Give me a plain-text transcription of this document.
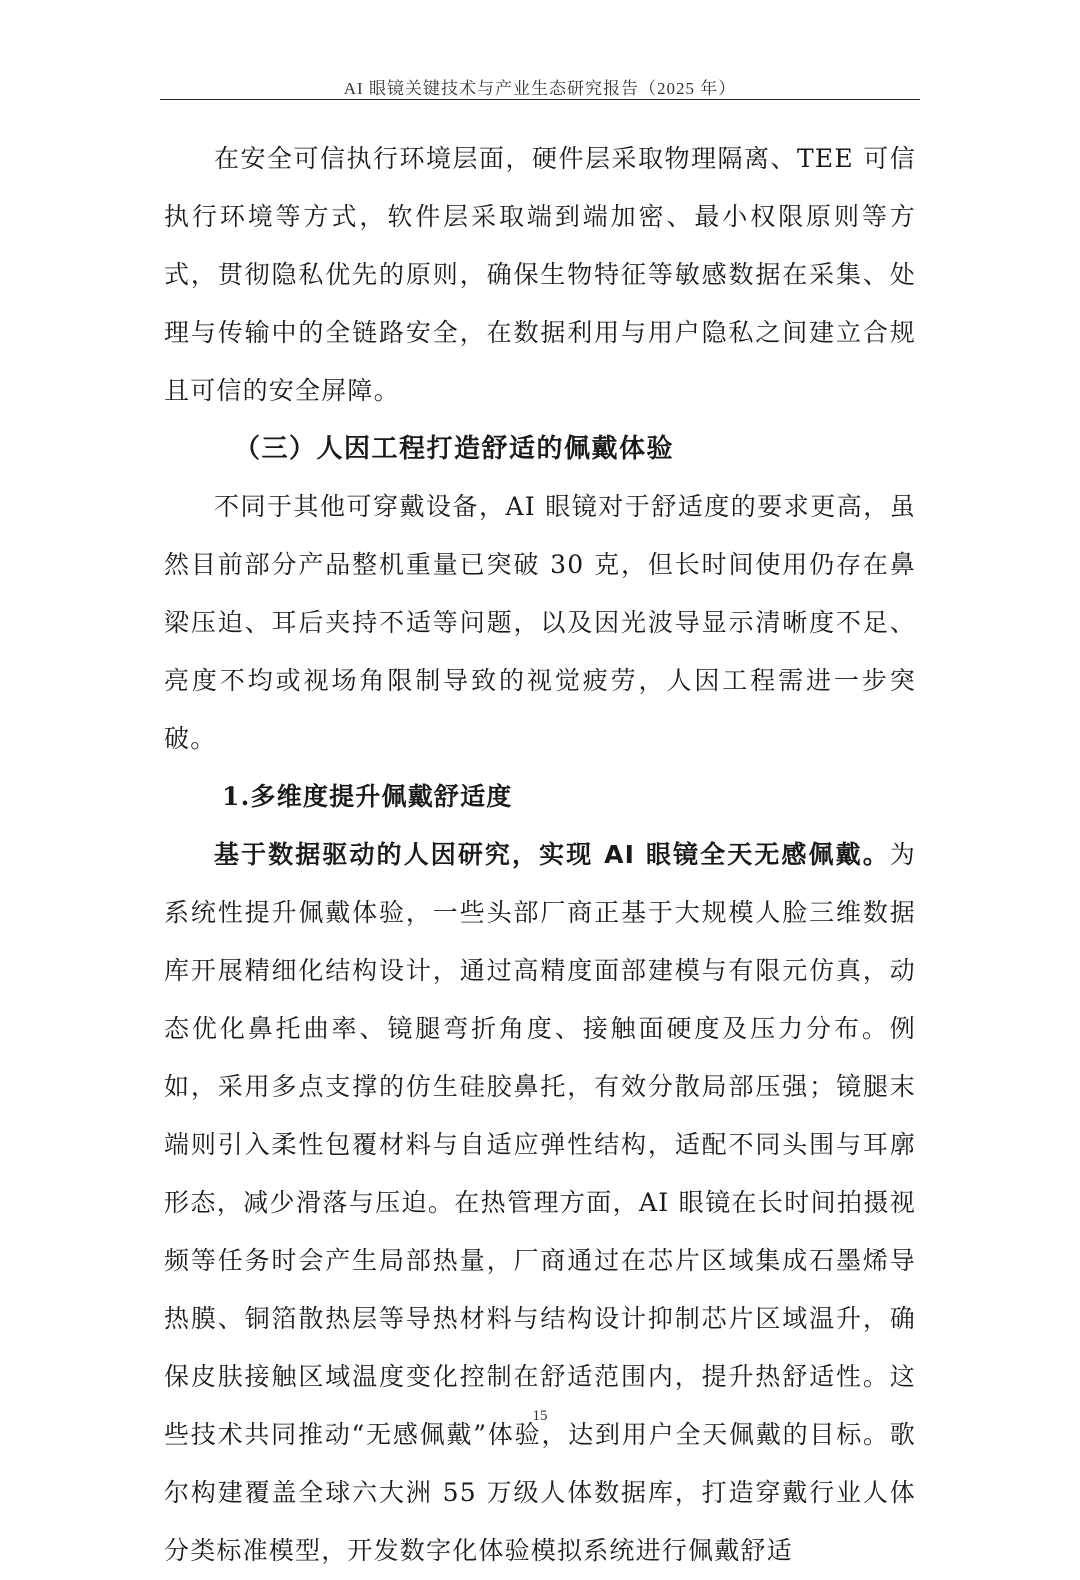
AI 眼镜关键技术与产业生态研究报告（2025 年）

在安全可信执行环境层面，硬件层采取物理隔离、TEE 可信执行环境等方式，软件层采取端到端加密、最小权限原则等方式，贯彻隐私优先的原则，确保生物特征等敏感数据在采集、处理与传输中的全链路安全，在数据利用与用户隐私之间建立合规且可信的安全屏障。

（三）人因工程打造舒适的佩戴体验

不同于其他可穿戴设备，AI 眼镜对于舒适度的要求更高，虽然目前部分产品整机重量已突破 30 克，但长时间使用仍存在鼻梁压迫、耳后夹持不适等问题，以及因光波导显示清晰度不足、亮度不均或视场角限制导致的视觉疲劳，人因工程需进一步突破。

1.多维度提升佩戴舒适度

基于数据驱动的人因研究，实现 AI 眼镜全天无感佩戴。为系统性提升佩戴体验，一些头部厂商正基于大规模人脸三维数据库开展精细化结构设计，通过高精度面部建模与有限元仿真，动态优化鼻托曲率、镜腿弯折角度、接触面硬度及压力分布。例如，采用多点支撑的仿生硅胶鼻托，有效分散局部压强；镜腿末端则引入柔性包覆材料与自适应弹性结构，适配不同头围与耳廓形态，减少滑落与压迫。在热管理方面，AI 眼镜在长时间拍摄视频等任务时会产生局部热量，厂商通过在芯片区域集成石墨烯导热膜、铜箔散热层等导热材料与结构设计抑制芯片区域温升，确保皮肤接触区域温度变化控制在舒适范围内，提升热舒适性。这些技术共同推动“无感佩戴”体验，达到用户全天佩戴的目标。歌尔构建覆盖全球六大洲 55 万级人体数据库，打造穿戴行业人体分类标准模型，开发数字化体验模拟系统进行佩戴舒适

15
